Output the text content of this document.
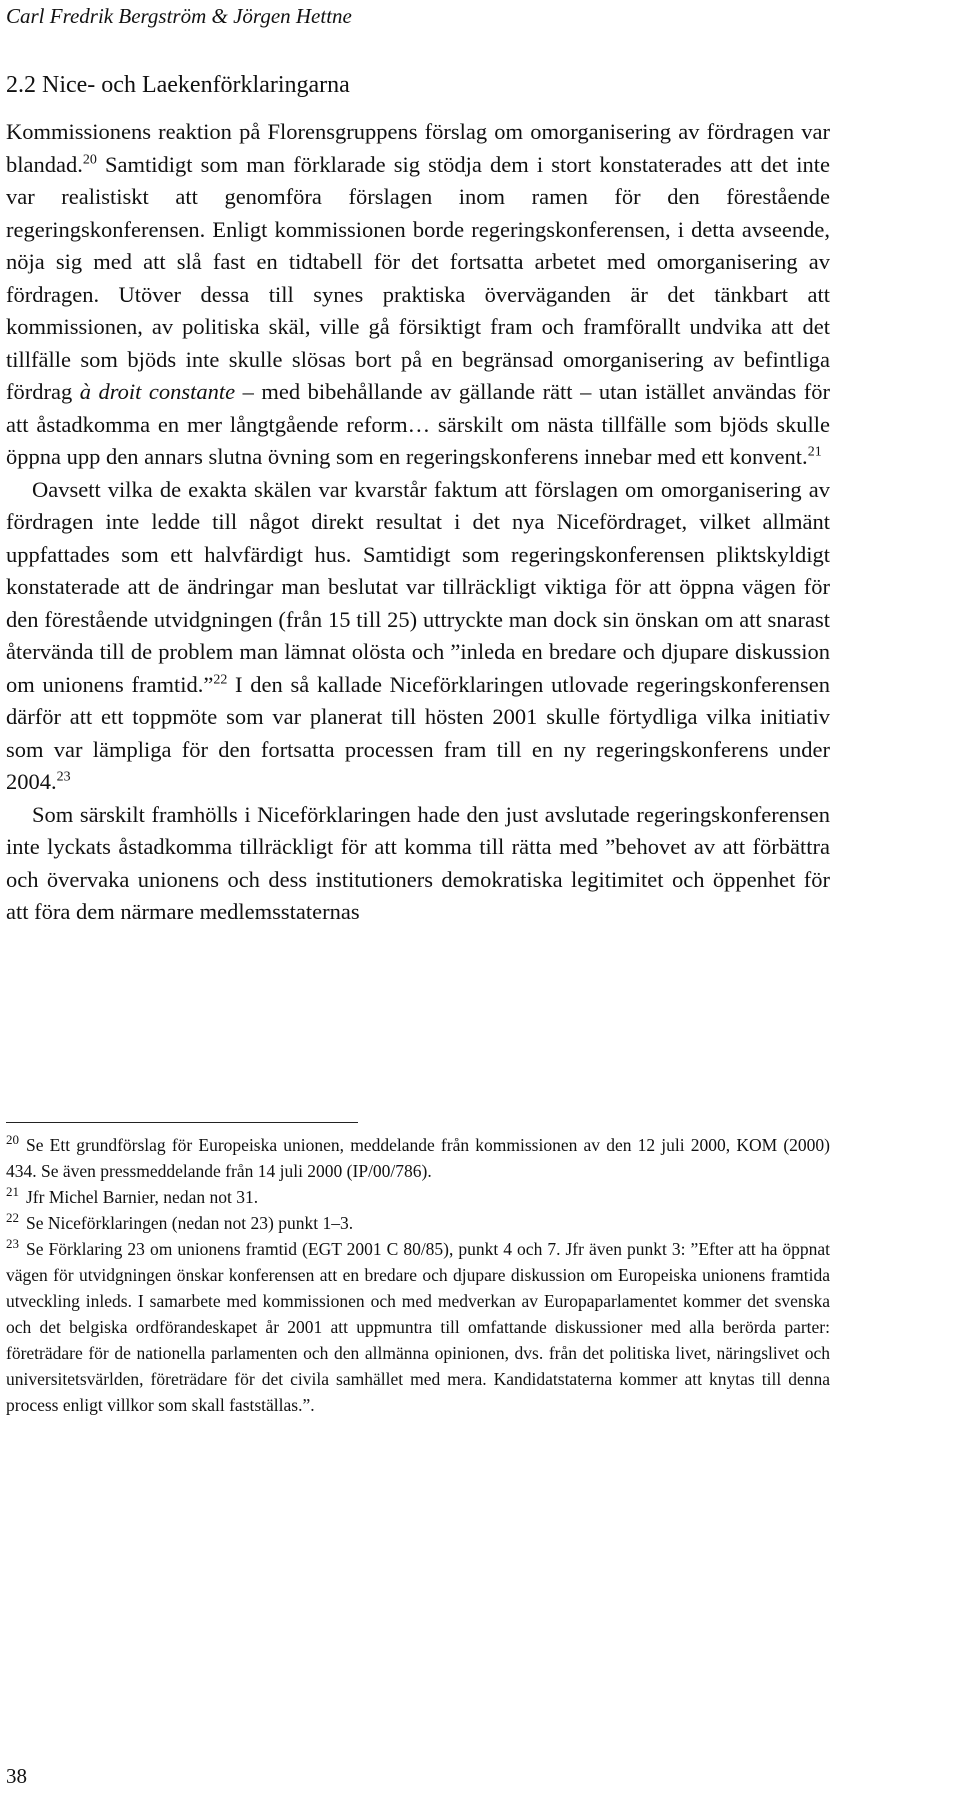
Carl Fredrik Bergström & Jörgen Hettne
2.2 Nice- och Laekenförklaringarna

Kommissionens reaktion på Florensgruppens förslag om omorganisering av fördragen var blandad.$^{20}$ Samtidigt som man förklarade sig stödja dem i stort konstaterades att det inte var realistiskt att genomföra förslagen inom ramen för den förestående regeringskonferensen. Enligt kommissionen borde regeringskonferensen, i detta avseende, nöja sig med att slå fast en tidtabell för det fortsatta arbetet med omorganisering av fördragen. Utöver dessa till synes praktiska överväganden är det tänkbart att kommissionen, av politiska skäl, ville gå försiktigt fram och framförallt undvika att det tillfälle som bjöds inte skulle slösas bort på en begränsad omorganisering av befintliga fördrag à droit constante – med bibehållande av gällande rätt – utan istället användas för att åstadkomma en mer långtgående reform… särskilt om nästa tillfälle som bjöds skulle öppna upp den annars slutna övning som en regeringskonferens innebar med ett konvent.$^{21}$

Oavsett vilka de exakta skälen var kvarstår faktum att förslagen om omorganisering av fördragen inte ledde till något direkt resultat i det nya Nicefördraget, vilket allmänt uppfattades som ett halvfärdigt hus. Samtidigt som regeringskonferensen pliktskyldigt konstaterade att de ändringar man beslutat var tillräckligt viktiga för att öppna vägen för den förestående utvidgningen (från 15 till 25) uttryckte man dock sin önskan om att snarast återvända till de problem man lämnat olösta och ”inleda en bredare och djupare diskussion om unionens framtid.”$^{22}$ I den så kallade Niceförklaringen utlovade regeringskonferensen därför att ett toppmöte som var planerat till hösten 2001 skulle förtydliga vilka initiativ som var lämpliga för den fortsatta processen fram till en ny regeringskonferens under 2004.23

Som särskilt framhölls i Niceförklaringen hade den just avslutade regeringskonferensen inte lyckats åstadkomma tillräckligt för att komma till rätta med ”behovet av att förbättra och övervaka unionens och dess institutioners demokratiska legitimitet och öppenhet för att föra dem närmare medlemsstaternas

20 Se Ett grundförslag för Europeiska unionen, meddelande från kommissionen av den 12 juli 2000, KOM (2000) 434. Se även pressmeddelande från 14 juli 2000 (IP/00/786).

21 Jfr Michel Barnier, nedan not 31.

22 Se Niceförklaringen (nedan not 23) punkt 1–3.

23 Se Förklaring 23 om unionens framtid (EGT 2001 C 80/85), punkt 4 och 7. Jfr även punkt 3: ”Efter att ha öppnat vägen för utvidgningen önskar konferensen att en bredare och djupare diskussion om Europeiska unionens framtida utveckling inleds. I samarbete med kommissionen och med medverkan av Europaparlamentet kommer det svenska och det belgiska ordförandeskapet år 2001 att uppmuntra till omfattande diskussioner med alla berörda parter: företrädare för de nationella parlamenten och den allmänna opinionen, dvs. från det politiska livet, näringslivet och universitetsvärlden, företrädare för det civila samhället med mera. Kandidatstaterna kommer att knytas till denna process enligt villkor som skall fastställas.”.

38
